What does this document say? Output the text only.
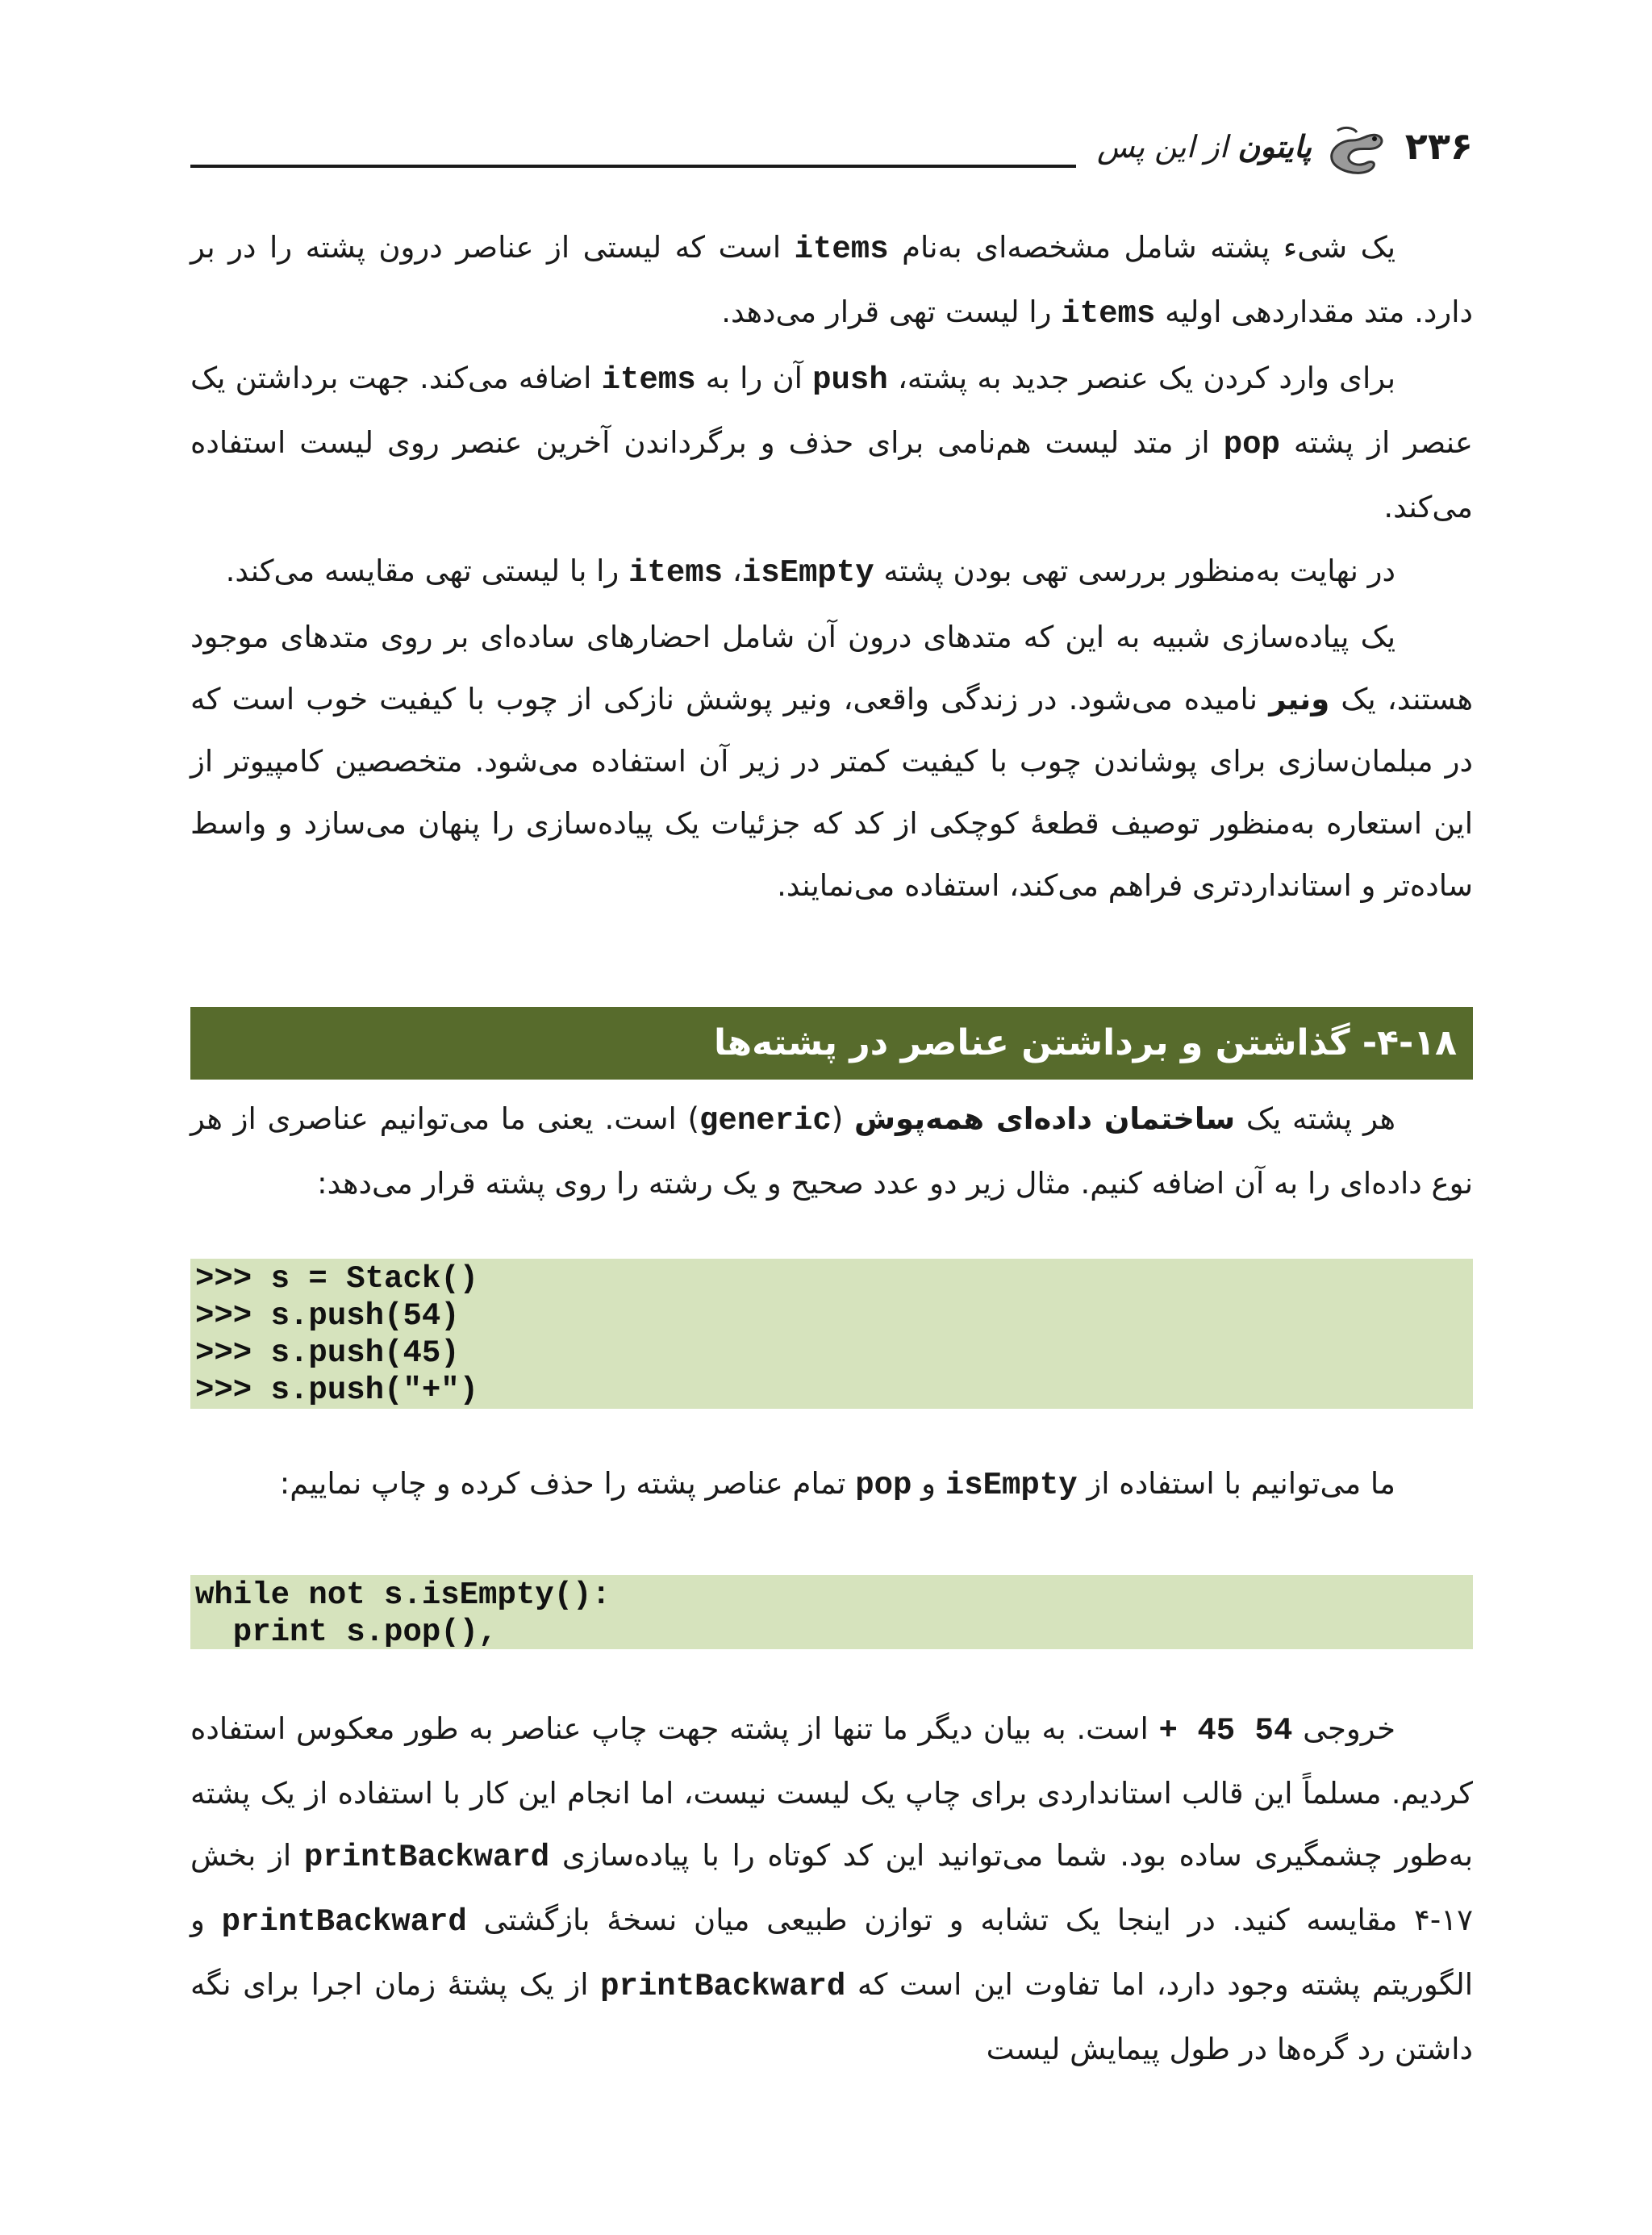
۲۳۶
پایتون از این پس

یک شیء پشته شامل مشخصه‌ای به‌نام items است که لیستی از عناصر درون پشته را در بر دارد. متد مقداردهی اولیه items را لیست تهی قرار می‌دهد.

برای وارد کردن یک عنصر جدید به پشته، push آن را به items اضافه می‌کند. جهت برداشتن یک عنصر از پشته pop از متد لیست هم‌نامی برای حذف و برگرداندن آخرین عنصر روی لیست استفاده می‌کند.

در نهایت به‌منظور بررسی تهی بودن پشته isEmpty، items را با لیستی تهی مقایسه می‌کند.

یک پیاده‌سازی شبیه به این که متدهای درون آن شامل احضارهای ساده‌ای بر روی متدهای موجود هستند، یک ونیر نامیده می‌شود. در زندگی واقعی، ونیر پوشش نازکی از چوب با کیفیت خوب است که در مبلمان‌سازی برای پوشاندن چوب با کیفیت کمتر در زیر آن استفاده می‌شود. متخصصین کامپیوتر از این استعاره به‌منظور توصیف قطعهٔ کوچکی از کد که جزئیات یک پیاده‌سازی را پنهان می‌سازد و واسط ساده‌تر و استانداردتری فراهم می‌کند، استفاده می‌نمایند.

۴-۱۸- گذاشتن و برداشتن عناصر در پشته‌ها

هر پشته یک ساختمان داده‌ای همه‌پوش (generic) است. یعنی ما می‌توانیم عناصری از هر نوع داده‌ای را به آن اضافه کنیم. مثال زیر دو عدد صحیح و یک رشته را روی پشته قرار می‌دهد:

>>> s = Stack()
>>> s.push(54)
>>> s.push(45)
>>> s.push("+")

ما می‌توانیم با استفاده از isEmpty و pop تمام عناصر پشته را حذف کرده و چاپ نماییم:

while not s.isEmpty():
print s.pop(),

خروجی + 45 54 است. به بیان دیگر ما تنها از پشته جهت چاپ عناصر به طور معکوس استفاده کردیم. مسلماً این قالب استانداردی برای چاپ یک لیست نیست، اما انجام این کار با استفاده از یک پشته به‌طور چشمگیری ساده بود. شما می‌توانید این کد کوتاه را با پیاده‌سازی printBackward از بخش ۱۷-۴ مقایسه کنید. در اینجا یک تشابه و توازن طبیعی میان نسخهٔ بازگشتی printBackward و الگوریتم پشته وجود دارد، اما تفاوت این است که printBackward از یک پشتهٔ زمان اجرا برای نگه داشتن رد گره‌ها در طول پیمایش لیست
